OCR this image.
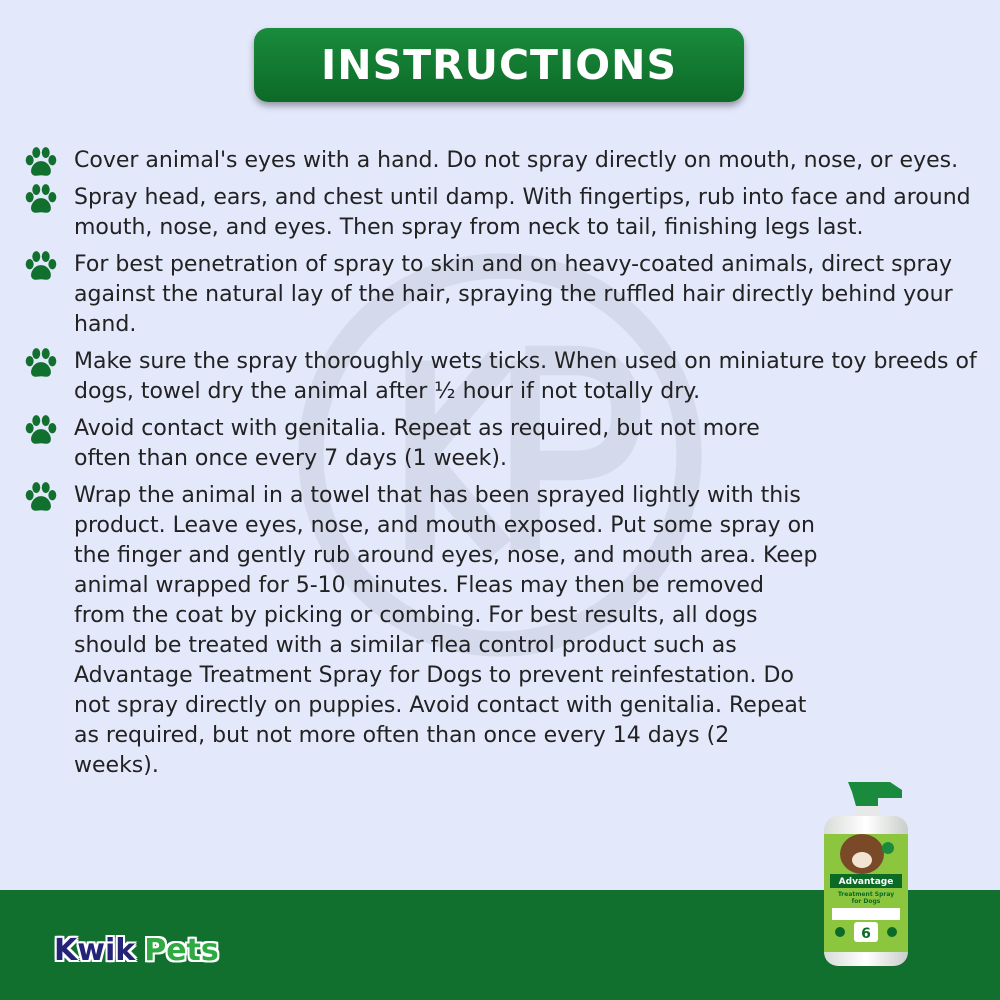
INSTRUCTIONS

Cover animal's eyes with a hand. Do not spray directly on mouth, nose, or eyes.

Spray head, ears, and chest until damp. With fingertips, rub into face and around mouth, nose, and eyes. Then spray from neck to tail, finishing legs last.

For best penetration of spray to skin and on heavy-coated animals, direct spray against the natural lay of the hair, spraying the ruffled hair directly behind your hand.

Make sure the spray thoroughly wets ticks. When used on miniature toy breeds of dogs, towel dry the animal after ½ hour if not totally dry.

Avoid contact with genitalia. Repeat as required, but not more often than once every 7 days (1 week).

Wrap the animal in a towel that has been sprayed lightly with this product. Leave eyes, nose, and mouth exposed. Put some spray on the finger and gently rub around eyes, nose, and mouth area. Keep animal wrapped for 5-10 minutes. Fleas may then be removed from the coat by picking or combing. For best results, all dogs should be treated with a similar flea control product such as Advantage Treatment Spray for Dogs to prevent reinfestation. Do not spray directly on puppies. Avoid contact with genitalia. Repeat as required, but not more often than once every 14 days (2 weeks).

Kwik Pets
Advantage
Treatment Spray
for Dogs
6
